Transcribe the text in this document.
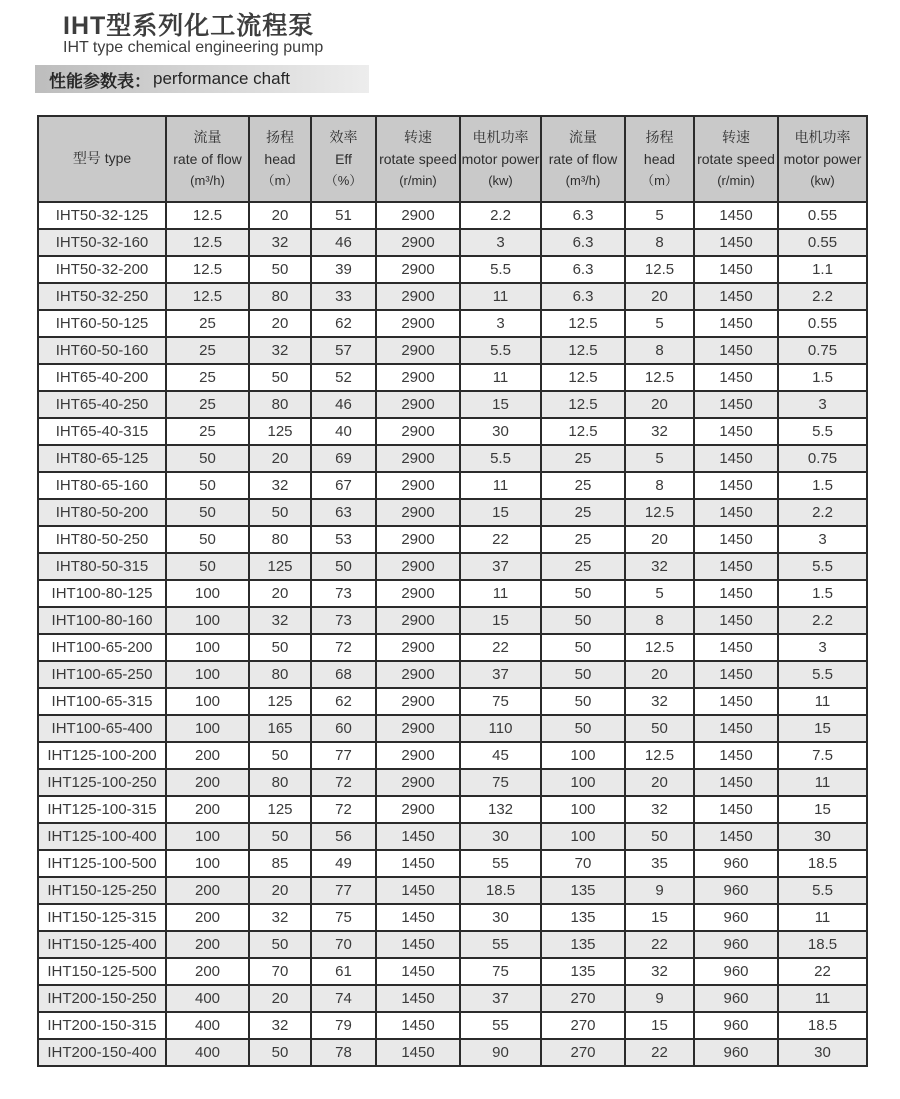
IHT型系列化工流程泵
IHT type chemical engineering pump
性能参数表： performance chaft
型号 type

流量
rate of flow
(m³/h)

扬程
head
（m）

效率
Eff
（%）

转速
rotate speed
(r/min)

电机功率
motor power
(kw)

流量
rate of flow
(m³/h)

扬程
head
（m）

转速
rotate speed
(r/min)

电机功率
motor power
(kw)

IHT50-32-125	12.5	20	51	2900	2.2	6.3	5	1450	0.55
IHT50-32-160	12.5	32	46	2900	3	6.3	8	1450	0.55
IHT50-32-200	12.5	50	39	2900	5.5	6.3	12.5	1450	1.1
IHT50-32-250	12.5	80	33	2900	11	6.3	20	1450	2.2
IHT60-50-125	25	20	62	2900	3	12.5	5	1450	0.55
IHT60-50-160	25	32	57	2900	5.5	12.5	8	1450	0.75
IHT65-40-200	25	50	52	2900	11	12.5	12.5	1450	1.5
IHT65-40-250	25	80	46	2900	15	12.5	20	1450	3
IHT65-40-315	25	125	40	2900	30	12.5	32	1450	5.5
IHT80-65-125	50	20	69	2900	5.5	25	5	1450	0.75
IHT80-65-160	50	32	67	2900	11	25	8	1450	1.5
IHT80-50-200	50	50	63	2900	15	25	12.5	1450	2.2
IHT80-50-250	50	80	53	2900	22	25	20	1450	3
IHT80-50-315	50	125	50	2900	37	25	32	1450	5.5
IHT100-80-125	100	20	73	2900	11	50	5	1450	1.5
IHT100-80-160	100	32	73	2900	15	50	8	1450	2.2
IHT100-65-200	100	50	72	2900	22	50	12.5	1450	3
IHT100-65-250	100	80	68	2900	37	50	20	1450	5.5
IHT100-65-315	100	125	62	2900	75	50	32	1450	11
IHT100-65-400	100	165	60	2900	110	50	50	1450	15
IHT125-100-200	200	50	77	2900	45	100	12.5	1450	7.5
IHT125-100-250	200	80	72	2900	75	100	20	1450	11
IHT125-100-315	200	125	72	2900	132	100	32	1450	15
IHT125-100-400	100	50	56	1450	30	100	50	1450	30
IHT125-100-500	100	85	49	1450	55	70	35	960	18.5
IHT150-125-250	200	20	77	1450	18.5	135	9	960	5.5
IHT150-125-315	200	32	75	1450	30	135	15	960	11
IHT150-125-400	200	50	70	1450	55	135	22	960	18.5
IHT150-125-500	200	70	61	1450	75	135	32	960	22
IHT200-150-250	400	20	74	1450	37	270	9	960	11
IHT200-150-315	400	32	79	1450	55	270	15	960	18.5
IHT200-150-400	400	50	78	1450	90	270	22	960	30
